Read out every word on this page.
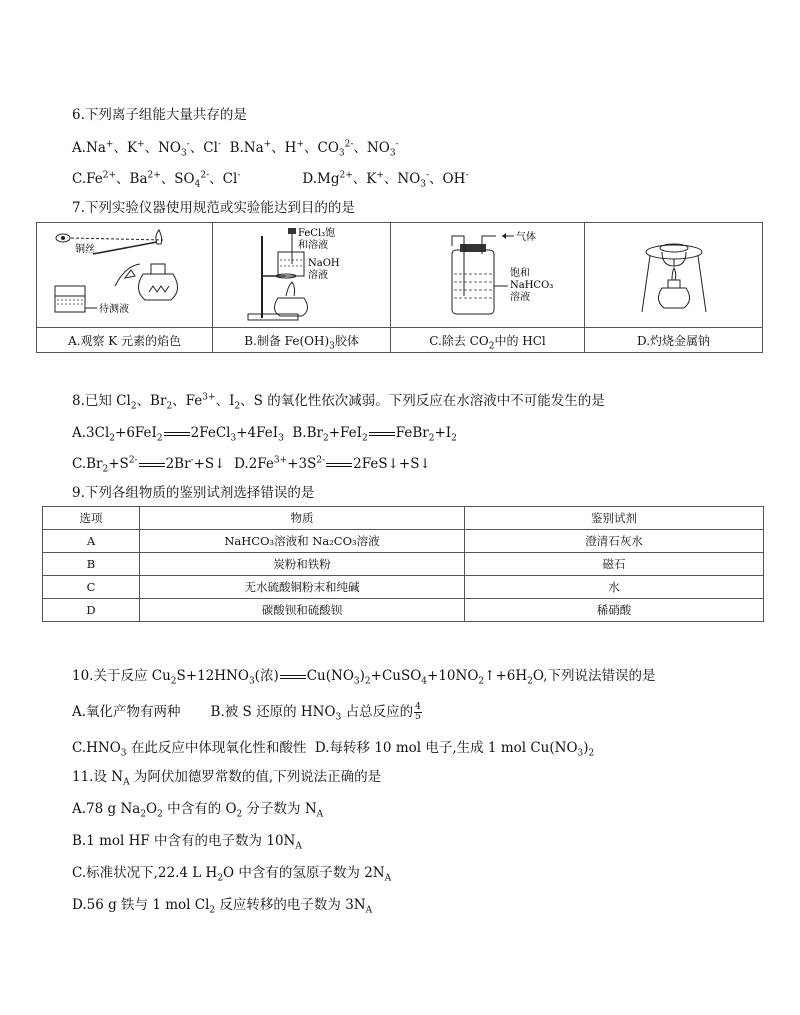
6.下列离子组能大量共存的是
A.Na+、K+、$NO_3^-$、Cl- B.Na+、H+、$CO_3^{2-}$、$NO_3^-$
$C.Fe^{2+}$、$Ba^{2+}$、$SO_4^{2-}$、Cl-	$D.Mg^{2+}$、K+、$NO_3^-$、OH-
7.下列实验仪器使用规范或实验能达到目的的是
铜丝
待测液	FeCl₃饱
和溶液
NaOH
溶液	气体
饱和
NaHCO₃
溶液

A.观察 K 元素的焰色	B.制备 $Fe(OH)_3$胶体	C.除去 $CO_2$中的 HCl	D.灼烧金属钠
8.已知 $Cl_2$、$Br_2$、$Fe^{3+}$、$I_2$、S 的氧化性依次减弱。下列反应在水溶液中不可能发生的是
$A.3Cl_2+6FeI_2$ 2FeCl$_3$+4FeI$_3$  $B.Br_2+FeI_2$ $FeBr_2+I_2$
$C.Br_2+S^{2-}$ 2Br-+S↓  $D.2Fe^{3+}+3S^{2-}$ 2FeS↓+S↓
9.下列各组物质的鉴别试剂选择错误的是
选项	物质	鉴别试剂
A	NaHCO₃溶液和 Na₂CO₃溶液	澄清石灰水
B	炭粉和铁粉	磁石
C	无水硫酸铜粉末和纯碱	水
D	碳酸钡和硫酸钡	稀硝酸
10.关于反应 $Cu_2S+12HNO_3$(浓) $Cu(NO_3)_2+CuSO_4+10NO_2↑+6H_2O$,下列说法错误的是
A.氧化产物有两种 B.被 S 还原的 $HNO_3$ 占总反应的 $\frac{4}{5}$
$C.HNO_3$ 在此反应中体现氧化性和酸性 D.每转移 10 mol 电子,生成 1 mol $Cu(NO_3)_2$
11.设 $N_A$ 为阿伏加德罗常数的值,下列说法正确的是
A.78 g $Na_2O_2$ 中含有的 $O_2$ 分子数为 $N_A$
B.1 mol HF 中含有的电子数为 $10N_A$
C.标准状况下,22.4 L $H_2O$ 中含有的氢原子数为 $2N_A$
D.56 g 铁与 1 mol $Cl_2$ 反应转移的电子数为 $3N_A$
